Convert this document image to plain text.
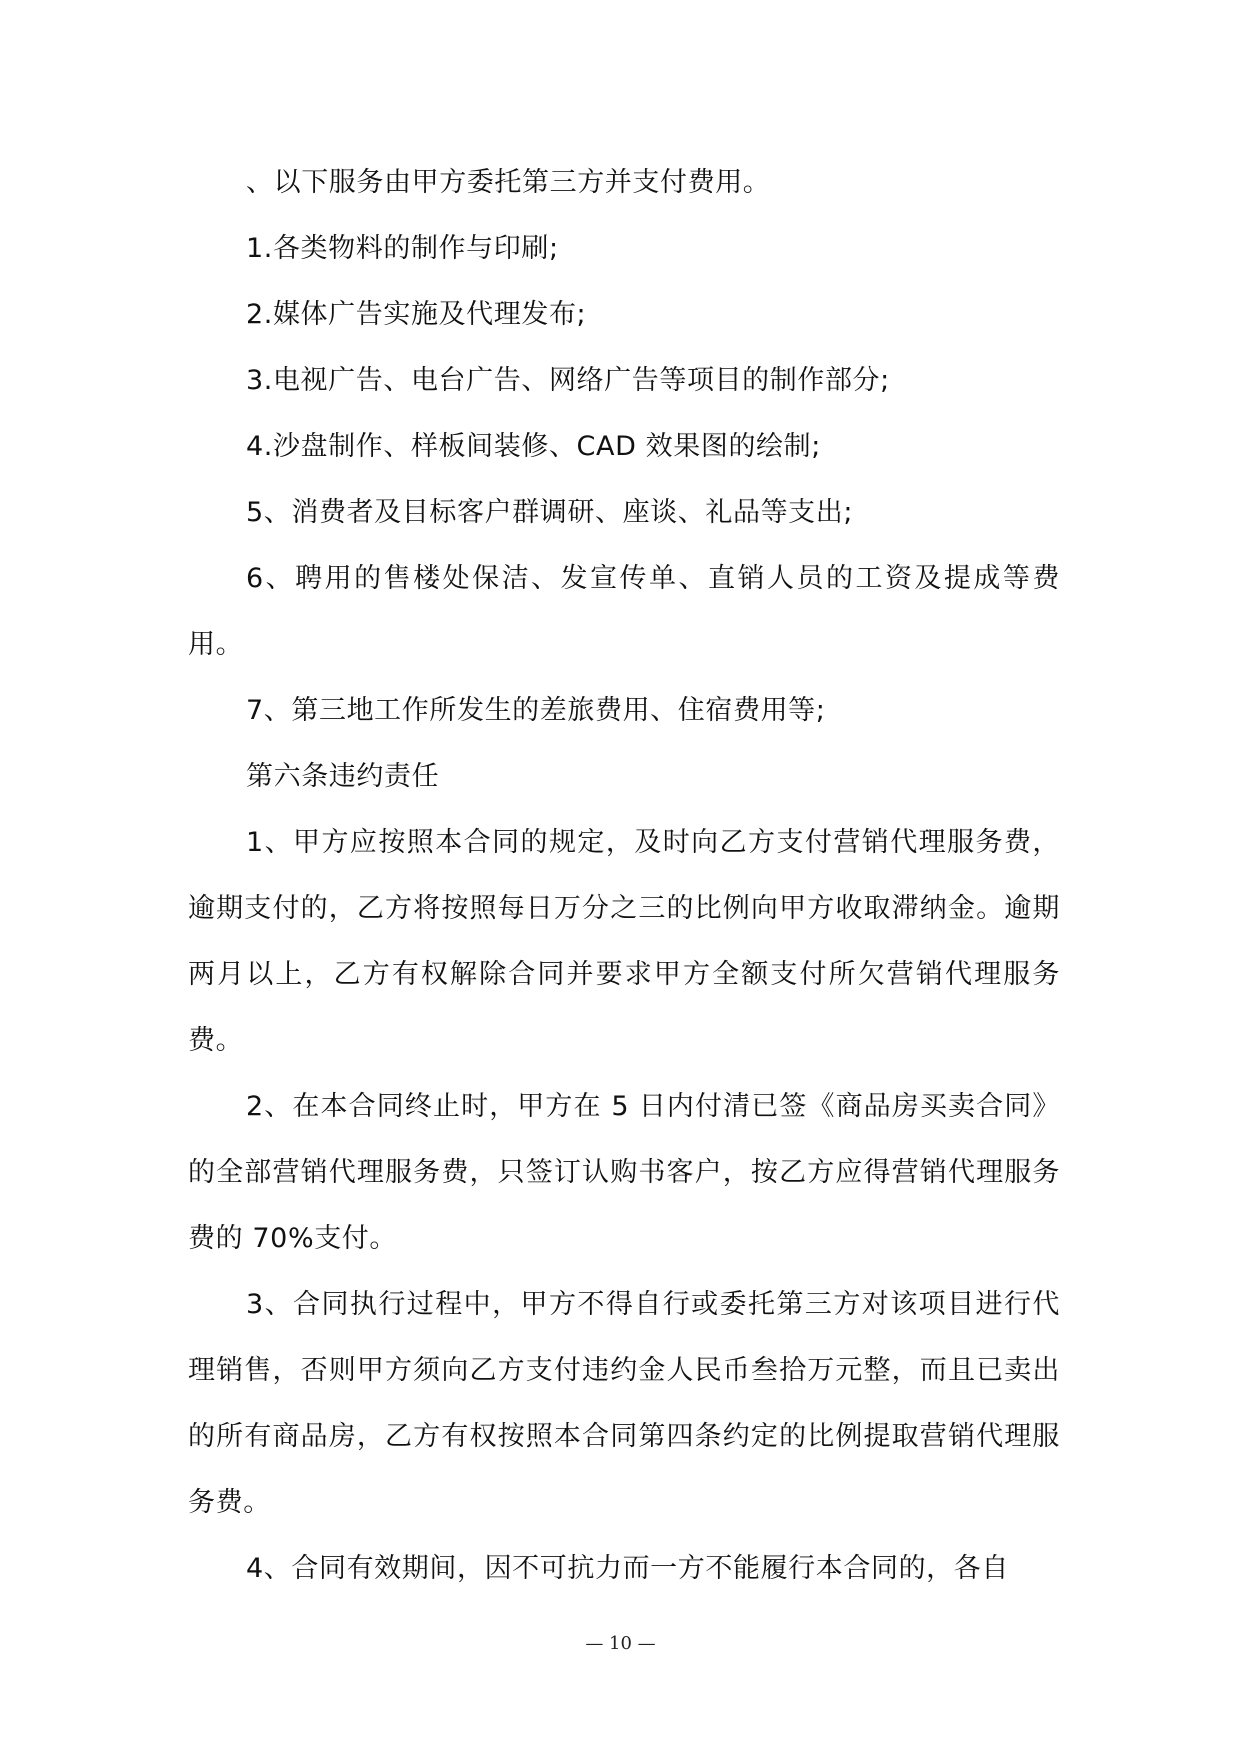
、以下服务由甲方委托第三方并支付费用。

1.各类物料的制作与印刷;

2.媒体广告实施及代理发布;

3.电视广告、电台广告、网络广告等项目的制作部分;

4.沙盘制作、样板间装修、CAD 效果图的绘制;

5、消费者及目标客户群调研、座谈、礼品等支出;

6、聘用的售楼处保洁、发宣传单、直销人员的工资及提成等费用。

7、第三地工作所发生的差旅费用、住宿费用等;

第六条违约责任

1、甲方应按照本合同的规定，及时向乙方支付营销代理服务费，逾期支付的，乙方将按照每日万分之三的比例向甲方收取滞纳金。逾期两月以上，乙方有权解除合同并要求甲方全额支付所欠营销代理服务费。

2、在本合同终止时，甲方在 5 日内付清已签《商品房买卖合同》的全部营销代理服务费，只签订认购书客户，按乙方应得营销代理服务费的 70%支付。

3、合同执行过程中，甲方不得自行或委托第三方对该项目进行代理销售，否则甲方须向乙方支付违约金人民币叁拾万元整，而且已卖出的所有商品房，乙方有权按照本合同第四条约定的比例提取营销代理服务费。

4、合同有效期间，因不可抗力而一方不能履行本合同的，各自

— 10 —
